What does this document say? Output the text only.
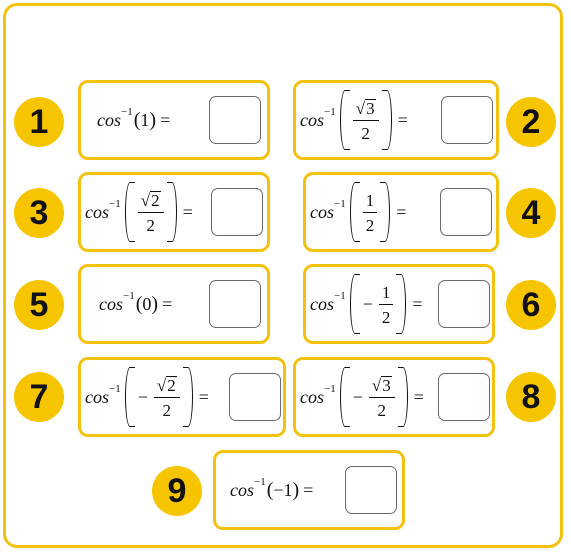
1	cos −1 ( 1 ) =	$\cos -1 \frac{√ 3}{2}$ =	2
3	$\cos -1 \frac{√ 2}{2}$ =	$\cos -1 \frac{1}{2}$ =	4
5	cos −1 ( 0 ) =	$\cos -1 - \frac{1}{2}$ =	6
7	$\cos -1 - \frac{√ 2}{2}$ =	$\cos -1 - \frac{√ 3}{2}$ =	8
9	cos −1 ( − 1 ) =
